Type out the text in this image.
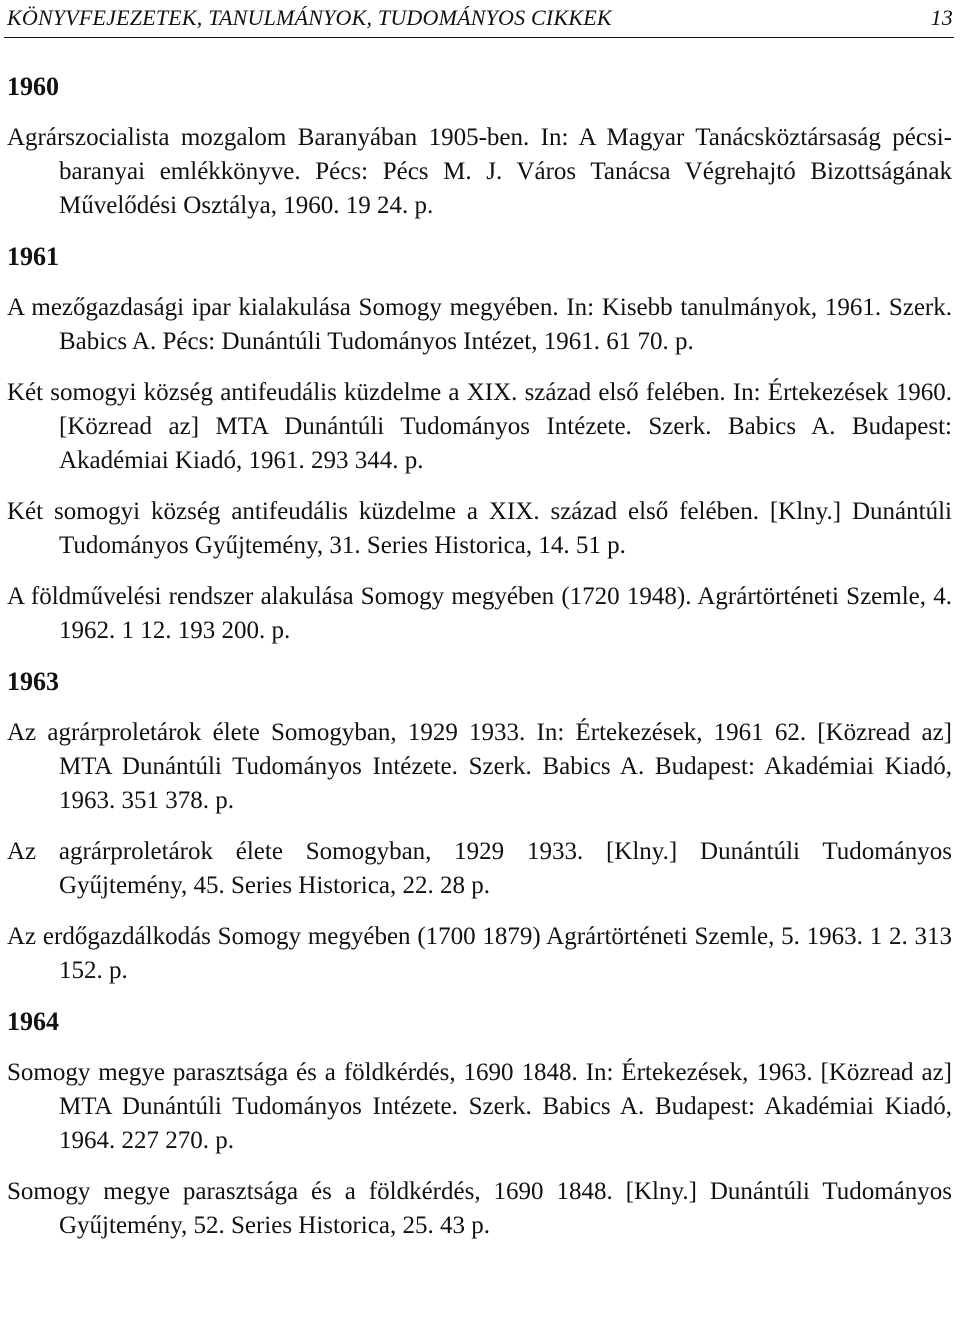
KÖNYVFEJEZETEK, TANULMÁNYOK, TUDOMÁNYOS CIKKEK	13

1960

Agrárszocialista mozgalom Baranyában 1905-ben. In: A Magyar Tanácsköztársaság pécsi-baranyai emlékkönyve. Pécs: Pécs M. J. Város Tanácsa Végrehajtó Bizottságának Művelődési Osztálya, 1960. 19 24. p.

1961

A mezőgazdasági ipar kialakulása Somogy megyében. In: Kisebb tanulmányok, 1961. Szerk. Babics A. Pécs: Dunántúli Tudományos Intézet, 1961. 61 70. p.

Két somogyi község antifeudális küzdelme a XIX. század első felében. In: Értekezések 1960. [Közread az] MTA Dunántúli Tudományos Intézete. Szerk. Babics A. Budapest: Akadémiai Kiadó, 1961. 293 344. p.

Két somogyi község antifeudális küzdelme a XIX. század első felében. [Klny.] Dunántúli Tudományos Gyűjtemény, 31. Series Historica, 14. 51 p.

A földművelési rendszer alakulása Somogy megyében (1720 1948). Agrártörténeti Szemle, 4. 1962. 1 12. 193 200. p.

1963

Az agrárproletárok élete Somogyban, 1929 1933. In: Értekezések, 1961 62. [Közread az] MTA Dunántúli Tudományos Intézete. Szerk. Babics A. Budapest: Akadémiai Kiadó, 1963. 351 378. p.

Az agrárproletárok élete Somogyban, 1929 1933. [Klny.] Dunántúli Tudományos Gyűjtemény, 45. Series Historica, 22. 28 p.

Az erdőgazdálkodás Somogy megyében (1700 1879) Agrártörténeti Szemle, 5. 1963. 1 2. 313 152. p.

1964

Somogy megye parasztsága és a földkérdés, 1690 1848. In: Értekezések, 1963. [Közread az] MTA Dunántúli Tudományos Intézete. Szerk. Babics A. Budapest: Akadémiai Kiadó, 1964. 227 270. p.

Somogy megye parasztsága és a földkérdés, 1690 1848. [Klny.] Dunántúli Tudományos Gyűjtemény, 52. Series Historica, 25. 43 p.
